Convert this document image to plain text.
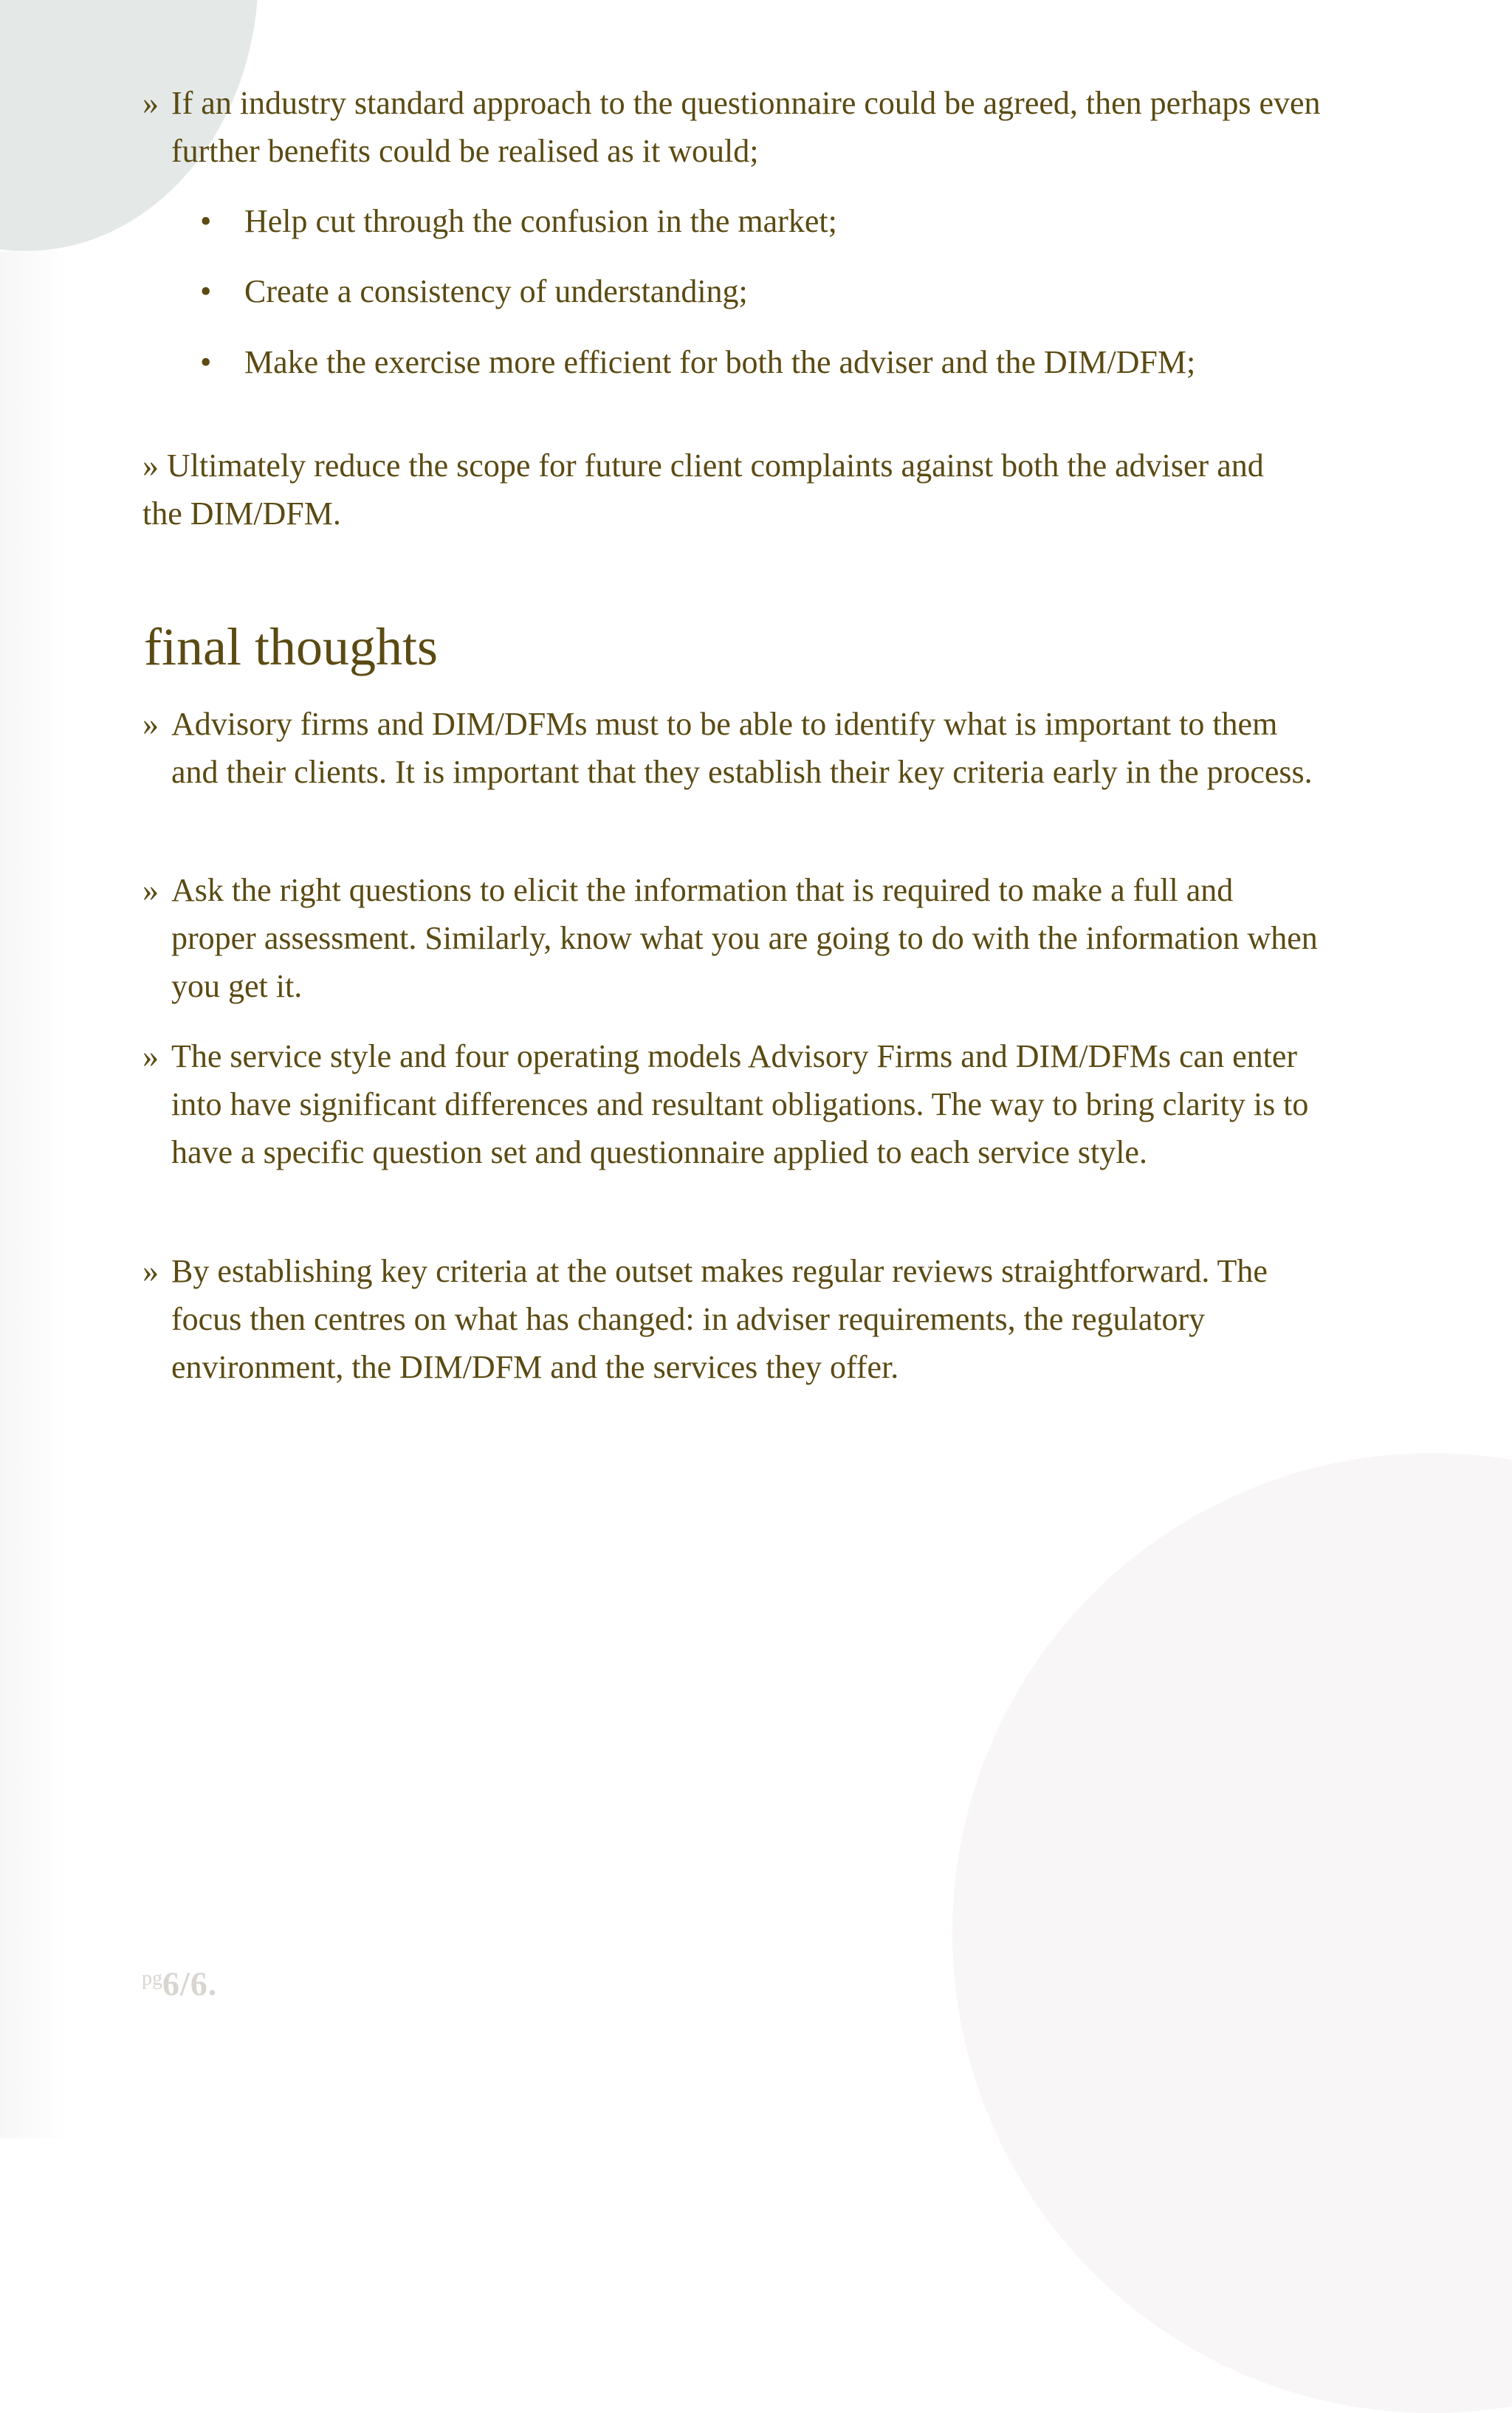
» If an industry standard approach to the questionnaire could be agreed, then perhaps even further benefits could be realised as it would;
• Help cut through the confusion in the market;
• Create a consistency of understanding;
• Make the exercise more efficient for both the adviser and the DIM/DFM;
» Ultimately reduce the scope for future client complaints against both the adviser and the DIM/DFM.
final thoughts
» Advisory firms and DIM/DFMs must to be able to identify what is important to them and their clients. It is important that they establish their key criteria early in the process.
» Ask the right questions to elicit the information that is required to make a full and proper assessment. Similarly, know what you are going to do with the information when you get it.
» The service style and four operating models Advisory Firms and DIM/DFMs can enter into have significant differences and resultant obligations. The way to bring clarity is to have a specific question set and questionnaire applied to each service style.
» By establishing key criteria at the outset makes regular reviews straightforward. The focus then centres on what has changed: in adviser requirements, the regulatory environment, the DIM/DFM and the services they offer.
pg6/6.
